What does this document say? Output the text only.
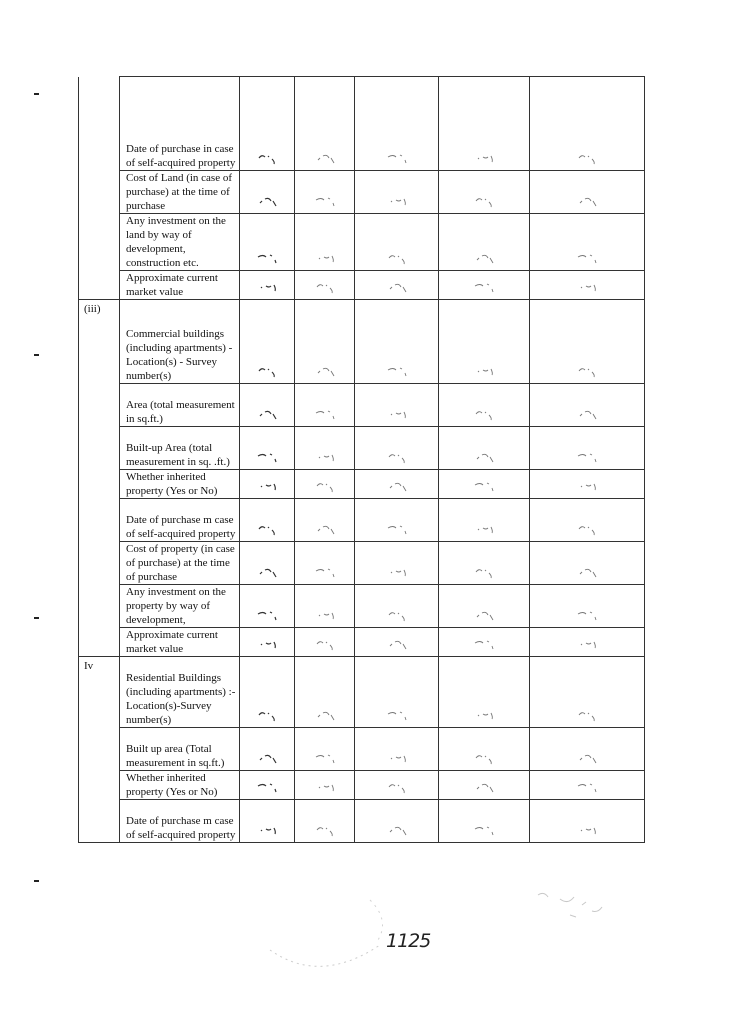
	Date of purchase in case of self-acquired property					
	Cost of Land (in case of purchase) at the time of purchase					
	Any investment on the land by way of development, construction etc.					
	Approximate current market value					
(iii)	Commercial buildings (including apartments) - Location(s) - Survey number(s)					
	Area (total measurement in sq.ft.)					
	Built-up Area (total measurement in sq. .ft.)					
	Whether inherited property (Yes or No)					
	Date of purchase m case of self-acquired property					
	Cost of property (in case of purchase) at the time of purchase					
	Any investment on the property by way of development,					
	Approximate current market value					
Iv	Residential Buildings (including apartments) :- Location(s)-Survey number(s)					
	Built up area (Total measurement in sq.ft.)					
	Whether inherited property (Yes or No)					
	Date of purchase m case of self-acquired property					
1125
